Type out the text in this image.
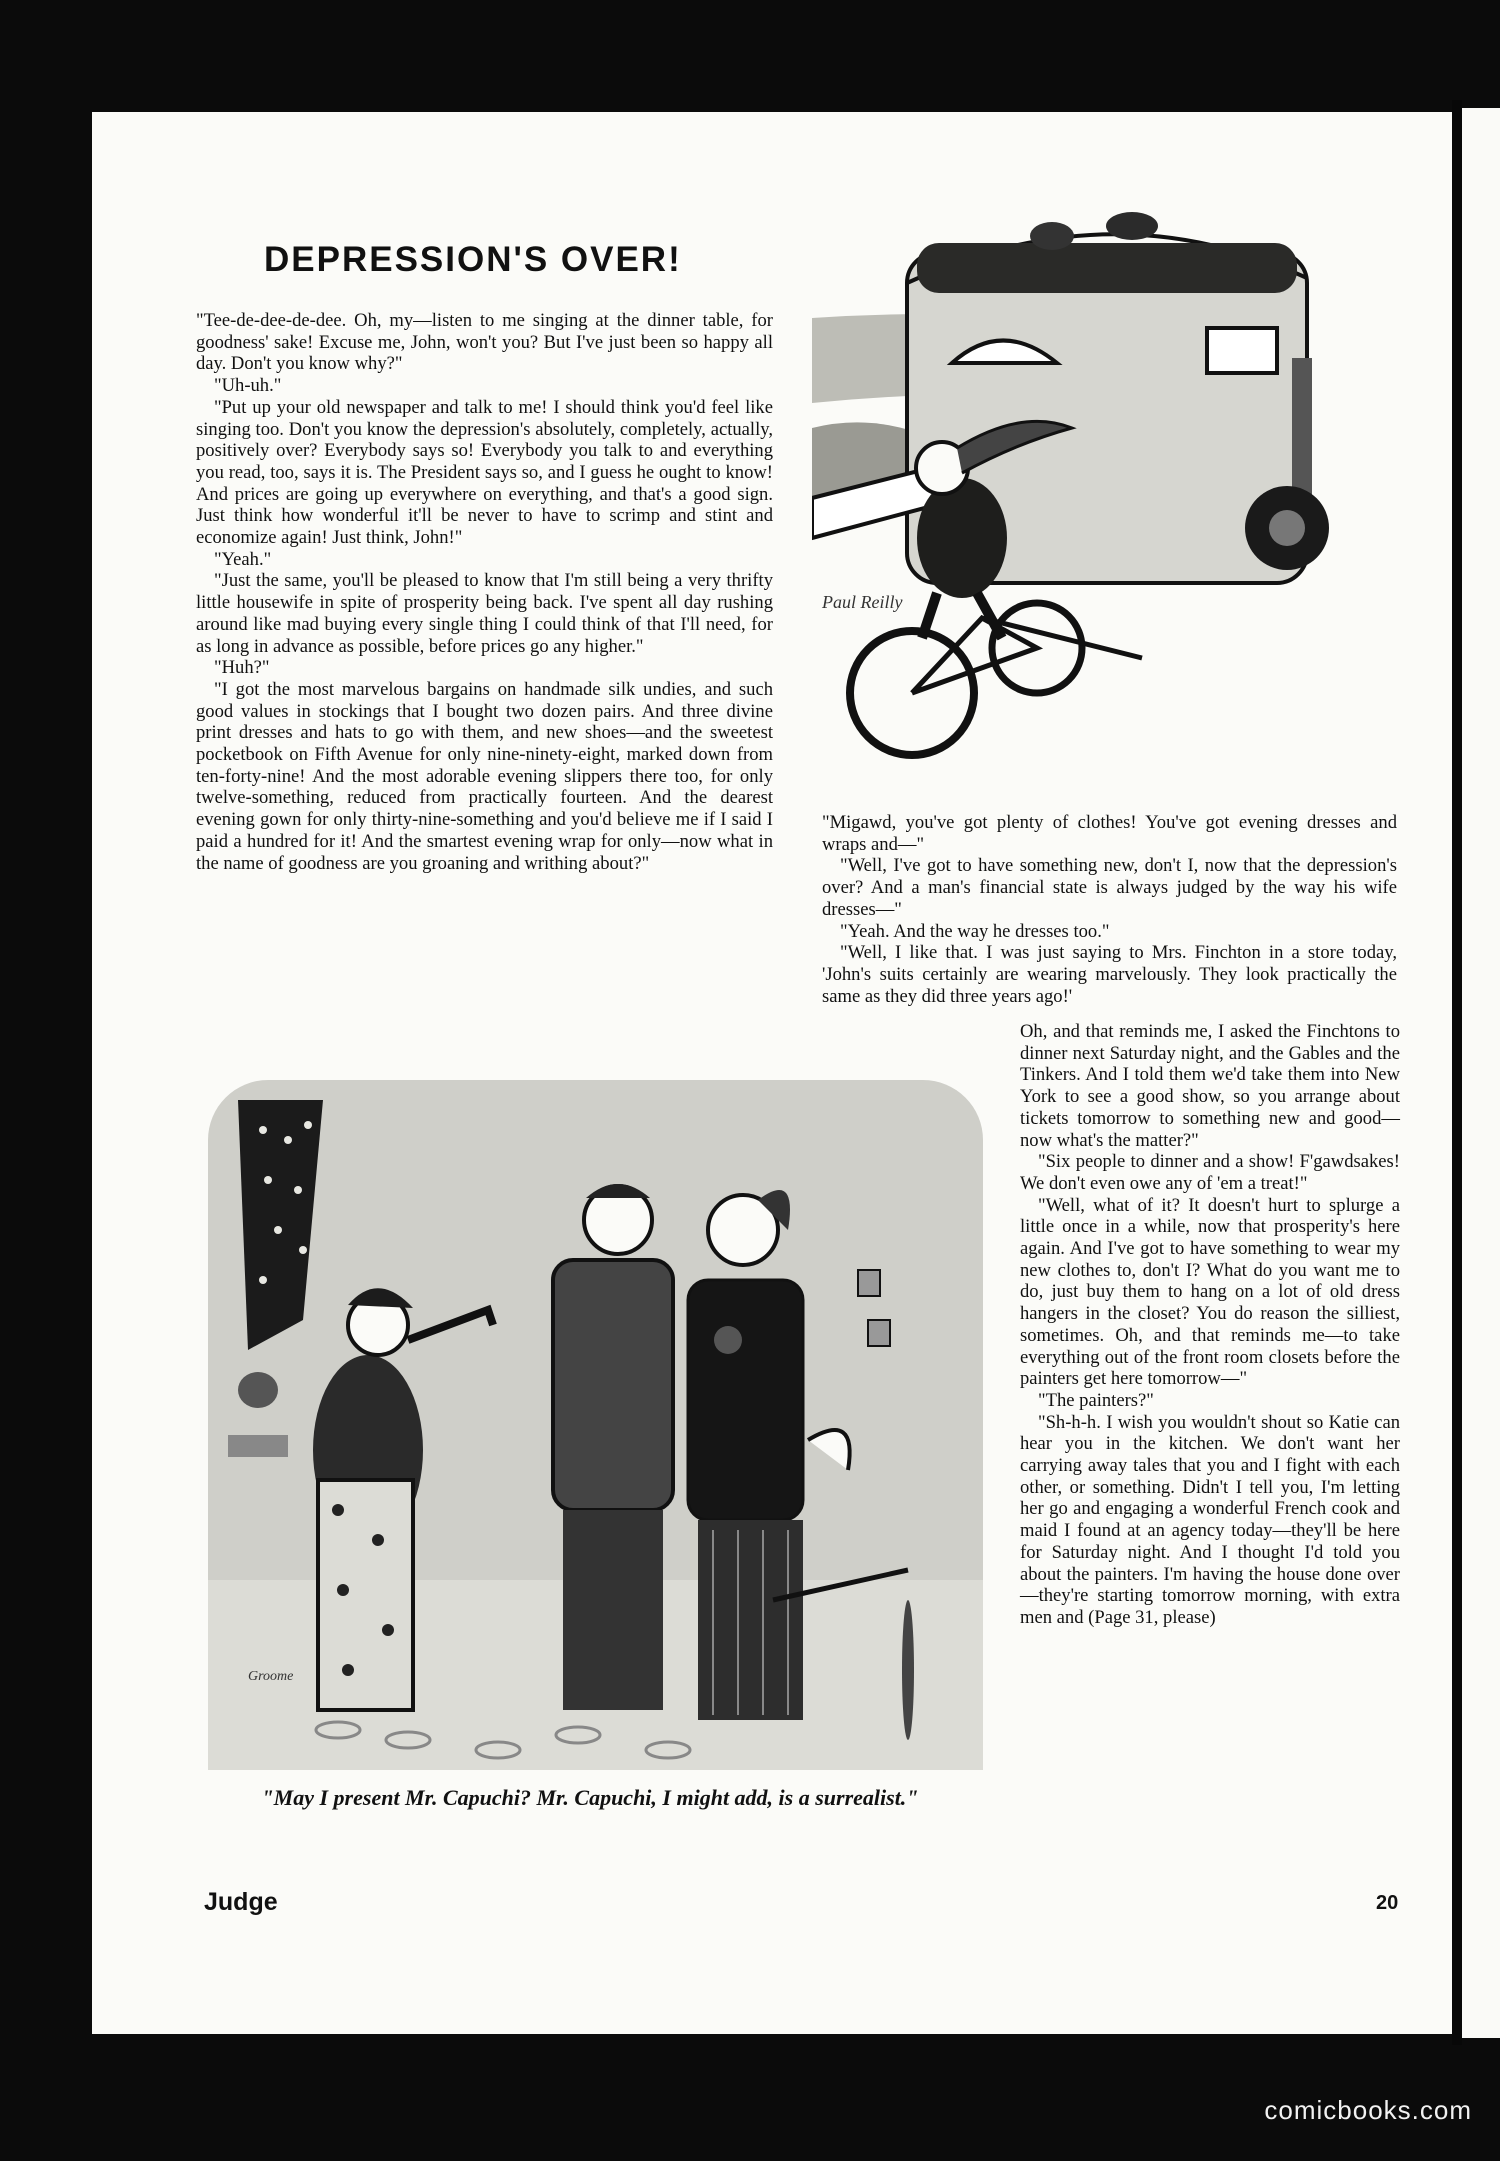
DEPRESSION'S OVER!

"Tee-de-dee-de-dee. Oh, my—listen to me singing at the dinner table, for goodness' sake! Excuse me, John, won't you? But I've just been so happy all day. Don't you know why?"

"Uh-uh."

"Put up your old newspaper and talk to me! I should think you'd feel like singing too. Don't you know the depression's absolutely, completely, actually, positively over? Everybody says so! Everybody you talk to and everything you read, too, says it is. The President says so, and I guess he ought to know! And prices are going up everywhere on everything, and that's a good sign. Just think how wonderful it'll be never to have to scrimp and stint and economize again! Just think, John!"

"Yeah."

"Just the same, you'll be pleased to know that I'm still being a very thrifty little housewife in spite of prosperity being back. I've spent all day rushing around like mad buying every single thing I could think of that I'll need, for as long in advance as possible, before prices go any higher."

"Huh?"

"I got the most marvelous bargains on handmade silk undies, and such good values in stockings that I bought two dozen pairs. And three divine print dresses and hats to go with them, and new shoes—and the sweetest pocketbook on Fifth Avenue for only nine-ninety-eight, marked down from ten-forty-nine! And the most adorable evening slippers there too, for only twelve-something, reduced from practically fourteen. And the dearest evening gown for only thirty-nine-something and you'd believe me if I said I paid a hundred for it! And the smartest evening wrap for only—now what in the name of goodness are you groaning and writhing about?"

Paul Reilly

"Migawd, you've got plenty of clothes! You've got evening dresses and wraps and—"

"Well, I've got to have something new, don't I, now that the depression's over? And a man's financial state is always judged by the way his wife dresses—"

"Yeah. And the way he dresses too."

"Well, I like that. I was just saying to Mrs. Finchton in a store today, 'John's suits certainly are wearing marvelously. They look practically the same as they did three years ago!'

Groome
"May I present Mr. Capuchi? Mr. Capuchi, I might add, is a surrealist."

Oh, and that reminds me, I asked the Finchtons to dinner next Saturday night, and the Gables and the Tinkers. And I told them we'd take them into New York to see a good show, so you arrange about tickets tomorrow to something new and good—now what's the matter?"

"Six people to dinner and a show! F'gawdsakes! We don't even owe any of 'em a treat!"

"Well, what of it? It doesn't hurt to splurge a little once in a while, now that prosperity's here again. And I've got to have something to wear my new clothes to, don't I? What do you want me to do, just buy them to hang on a lot of old dress hangers in the closet? You do reason the silliest, sometimes. Oh, and that reminds me—to take everything out of the front room closets before the painters get here tomorrow—"

"The painters?"

"Sh-h-h. I wish you wouldn't shout so Katie can hear you in the kitchen. We don't want her carrying away tales that you and I fight with each other, or something. Didn't I tell you, I'm letting her go and engaging a wonderful French cook and maid I found at an agency today—they'll be here for Saturday night. And I thought I'd told you about the painters. I'm having the house done over—they're starting tomorrow morning, with extra men and (Page 31, please)

Judge	20
comicbooks.com
